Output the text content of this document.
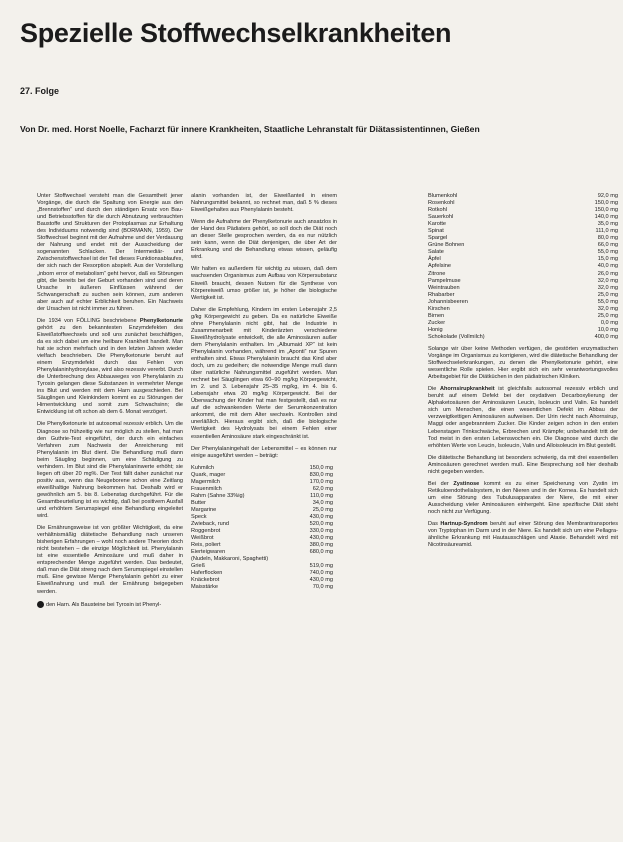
Spezielle Stoffwechselkrankheiten
27. Folge
Von Dr. med. Horst Noelle, Facharzt für innere Krankheiten, Staatliche Lehranstalt für Diätassistentinnen, Gießen

Unter Stoffwechsel versteht man die Gesamtheit jener Vorgänge, die durch die Spaltung von Energie aus den „Brennstoffen“ und durch den ständigen Ersatz von Bau- und Betriebsstoffen für die durch Abnutzung verbrauchten Baustoffe und Strukturen der Protoplasmas zur Erhaltung des Individuums notwendig sind (BORMANN, 1959). Der Stoffwechsel beginnt mit der Aufnahme und der Verdauung der Nahrung und endet mit der Ausscheidung der sogenannten Schlacken. Der Intermediär- und Zwischenstoffwechsel ist der Teil dieses Funktionsablaufes, der sich nach der Resorption abspielt. Aus der Vorstellung „inborn error of metabolism“ geht hervor, daß es Störungen gibt, die bereits bei der Geburt vorhanden sind und deren Ursache in äußeren Einflüssen während der Schwangerschaft zu suchen sein können, zum anderen aber auch auf echter Erblichkeit beruhen. Ein Nachweis der Ursachen ist nicht immer zu führen.

Die 1934 von FÖLLING beschriebene Phenylketonurie gehört zu den bekanntesten Enzymdefekten des Eiweißstoffwechsels und soll uns zunächst beschäftigen, da es sich dabei um eine heilbare Krankheit handelt. Man hat sie schon mehrfach und in den letzten Jahren wieder vielfach beschrieben. Die Phenylketonurie beruht auf einem Enzymdefekt durch das Fehlen von Phenylalaninhydroxylase, wird also rezessiv vererbt. Durch die Unterbrechung des Abbauweges von Phenylalanin zu Tyrosin gelangen diese Substanzen in vermehrter Menge ins Blut und werden mit dem Harn ausgeschieden. Bei Säuglingen und Kleinkindern kommt es zu Störungen der Hirnentwicklung und somit zum Schwachsinn; die Entwicklung ist oft schon ab dem 6. Monat verzögert.

Die Phenylketonurie ist autosomal rezessiv erblich. Um die Diagnose so frühzeitig wie nur möglich zu stellen, hat man den Guthrie-Test eingeführt, der durch ein einfaches Verfahren zum Nachweis der Anreicherung mit Phenylalanin im Blut dient. Die Behandlung muß dann beim Säugling beginnen, um eine Schädigung zu verhindern. Im Blut sind die Phenylalaninwerte erhöht; sie liegen oft über 20 mg%. Der Test fällt daher zunächst nur positiv aus, wenn das Neugeborene schon eine Zeitlang eiweißhaltige Nahrung bekommen hat. Deshalb wird er gewöhnlich am 5. bis 8. Lebenstag durchgeführt. Für die Gesamtbeurteilung ist es wichtig, daß bei positivem Ausfall und erhöhtem Serumspiegel eine Behandlung eingeleitet wird.

Die Ernährungsweise ist von größter Wichtigkeit, da eine verhältnismäßig diätetische Behandlung nach unseren bisherigen Erfahrungen – wohl noch andere Theorien doch nicht bestehen – die einzige Möglichkeit ist. Phenylalanin ist eine essentielle Aminosäure und muß daher in entsprechender Menge zugeführt werden. Das bedeutet, daß man die Diät streng nach dem Serumspiegel einstellen muß. Eine gewisse Menge Phenylalanin gehört zu einer Eiweißnahrung und muß der Ernährung beigegeben werden.

den Harn. Als Bausteine bei Tyrosin ist Phenyl-

alanin vorhanden ist, der Eiweißanteil in einem Nahrungsmittel bekannt, so rechnet man, daß 5 % dieses Eiweißgehaltes aus Phenylalanin besteht.

Wenn die Aufnahme der Phenylketonurie auch ansatzlos in der Hand des Pädiaters gehört, so soll doch die Diät noch an dieser Stelle gesprochen werden, da es nur nützlich sein kann, wenn die Diät denjenigen, die über Art der Erkrankung und die Behandlung etwas wissen, geläufig wird.

Wir halten es außerdem für wichtig zu wissen, daß dem wachsenden Organismus zum Aufbau von Körpersubstanz Eiweiß braucht, dessen Nutzen für die Synthese von Körpereiweiß umso größer ist, je höher die biologische Wertigkeit ist.

Daher die Empfehlung, Kindern im ersten Lebensjahr 2,5 g/kg Körpergewicht zu geben. Da es natürliche Eiweiße ohne Phenylalanin nicht gibt, hat die Industrie in Zusammenarbeit mit Kinderärzten verschiedene Eiweißhydrolysate entwickelt, die alle Aminosäuren außer dem Phenylalanin enthalten. Im „Albumaid XP“ ist kein Phenylalanin vorhanden, während im „Aponti“ nur Spuren enthalten sind. Etwas Phenylalanin braucht das Kind aber doch, um zu gedeihen; die notwendige Menge muß dann über natürliche Nahrungsmittel zugeführt werden. Man rechnet bei Säuglingen etwa 60–90 mg/kg Körpergewicht, im 2. und 3. Lebensjahr 25–35 mg/kg, im 4. bis 6. Lebensjahr etwa 20 mg/kg Körpergewicht. Bei der Überwachung der Kinder hat man festgestellt, daß es nur auf die schwankenden Werte der Serumkonzentration ankommt, die mit dem Alter wechseln. Kontrollen sind unerläßlich. Hieraus ergibt sich, daß die biologische Wertigkeit des Hydrolysats bei einem Fehlen einer essentiellen Aminosäure stark eingeschränkt ist.

Der Phenylalaningehalt der Lebensmittel – es können nur einige ausgeführt werden – beträgt:

Kuhmilch	150,0 mg
Quark, mager	830,0 mg
Magermilch	170,0 mg
Frauenmilch	62,0 mg
Rahm (Sahne 33%ig)	110,0 mg
Butter	34,0 mg
Margarine	25,0 mg
Speck	430,0 mg
Zwieback, rund	520,0 mg
Roggenbrot	330,0 mg
Weißbrot	430,0 mg
Reis, poliert	380,0 mg
Eierteigwaren	680,0 mg
(Nudeln, Makkaroni, Spaghetti)	
Grieß	519,0 mg
Haferflocken	740,0 mg
Knäckebrot	430,0 mg
Maisstärke	70,0 mg
Blumenkohl	92,0 mg
Rosenkohl	150,0 mg
Rotkohl	150,0 mg
Sauerkohl	140,0 mg
Karotte	35,0 mg
Spinat	111,0 mg
Spargel	80,0 mg
Grüne Bohnen	66,0 mg
Salate	55,0 mg
Äpfel	15,0 mg
Apfelsine	40,0 mg
Zitrone	26,0 mg
Pampelmuse	32,0 mg
Weintrauben	32,0 mg
Rhabarber	25,0 mg
Johannisbeeren	55,0 mg
Kirschen	32,0 mg
Birnen	25,0 mg
Zucker	0,0 mg
Honig	10,0 mg
Schokolade (Vollmilch)	400,0 mg

Solange wir über keine Methoden verfügen, die gestörten enzymatischen Vorgänge im Organismus zu korrigieren, wird die diätetische Behandlung der Stoffwechselerkrankungen, zu denen die Phenylketonurie gehört, eine wesentliche Rolle spielen. Hier ergibt sich ein sehr verantwortungsvolles Arbeitsgebiet für die Diätküchen in den pädiatrischen Kliniken.

Die Ahornsirupkrankheit ist gleichfalls autosomal rezessiv erblich und beruht auf einem Defekt bei der oxydativen Decarboxylierung der Alphaketosäuren der Aminosäuren Leucin, Isoleucin und Valin. Es handelt sich um Menschen, die einen wesentlichen Defekt im Abbau der verzweigtkettigen Aminosäuren aufweisen. Der Urin riecht nach Ahornsirup, Maggi oder angebranntem Zucker. Die Kinder zeigen schon in den ersten Lebenstagen Trinkschwäche, Erbrechen und Krämpfe; unbehandelt tritt der Tod meist in den ersten Lebenswochen ein. Die Diagnose wird durch die erhöhten Werte von Leucin, Isoleucin, Valin und Alloisoleucin im Blut gestellt.

Die diätetische Behandlung ist besonders schwierig, da mit drei essentiellen Aminosäuren gerechnet werden muß. Eine Besprechung soll hier deshalb nicht gegeben werden.

Bei der Zystinose kommt es zu einer Speicherung von Zystin im Retikuloendothelialsystem, in den Nieren und in der Kornea. Es handelt sich um eine Störung des Tubulusapparates der Niere, die mit einer Ausscheidung vieler Aminosäuren einhergeht. Eine spezifische Diät steht noch nicht zur Verfügung.

Das Hartnup-Syndrom beruht auf einer Störung des Membrantransportes von Tryptophan im Darm und in der Niere. Es handelt sich um eine Pellagra-ähnliche Erkrankung mit Hautausschlägen und Ataxie. Behandelt wird mit Nicotinsäureamid.
